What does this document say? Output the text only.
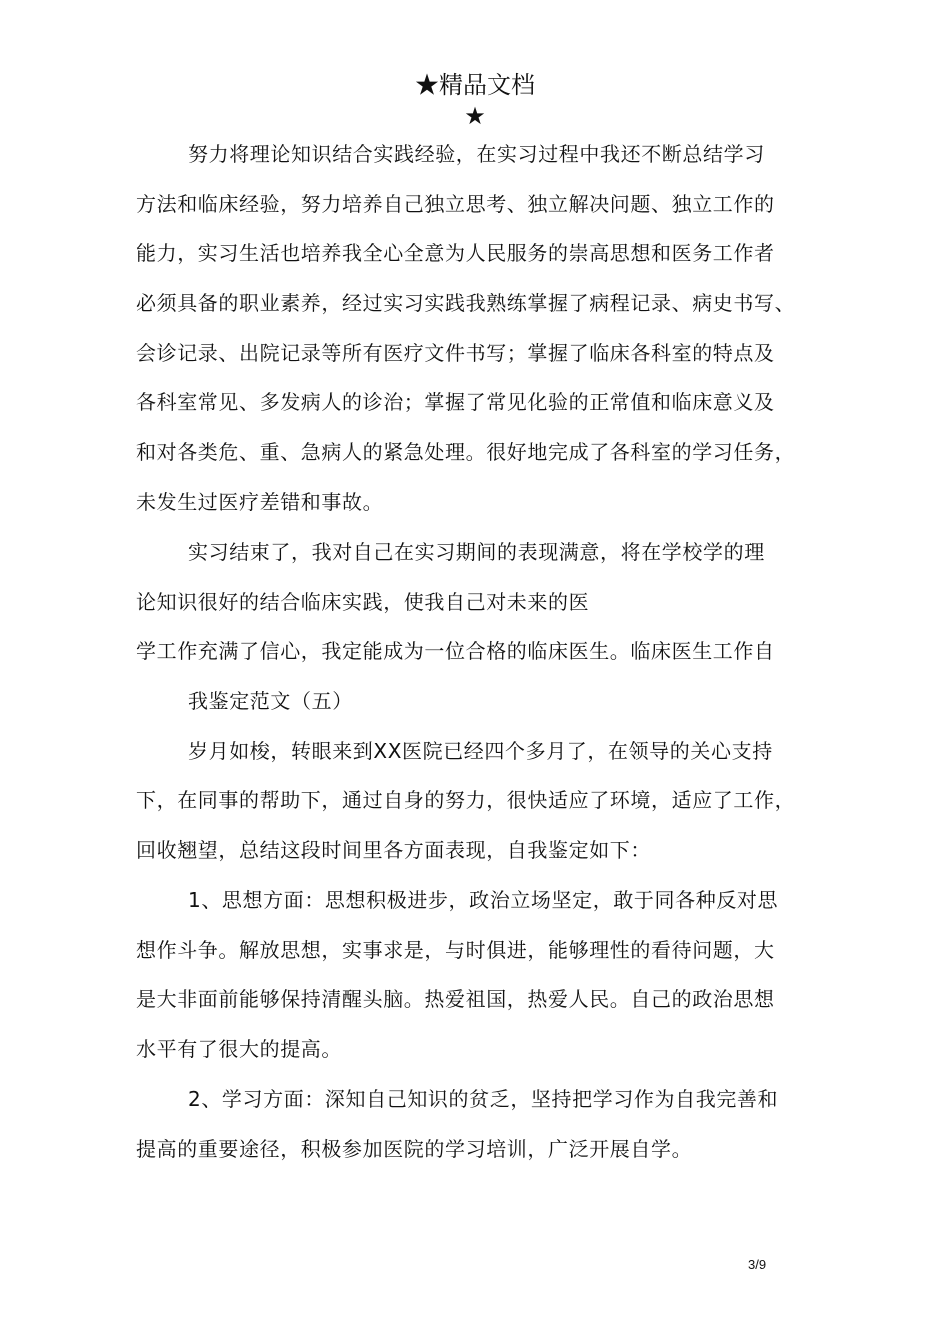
★精品文档
★
努力将理论知识结合实践经验，在实习过程中我还不断总结学习
方法和临床经验，努力培养自己独立思考、独立解决问题、独立工作的
能力，实习生活也培养我全心全意为人民服务的崇高思想和医务工作者
必须具备的职业素养，经过实习实践我熟练掌握了病程记录、病史书写、
会诊记录、出院记录等所有医疗文件书写；掌握了临床各科室的特点及
各科室常见、多发病人的诊治；掌握了常见化验的正常值和临床意义及
和对各类危、重、急病人的紧急处理。很好地完成了各科室的学习任务，
未发生过医疗差错和事故。
实习结束了，我对自己在实习期间的表现满意，将在学校学的理
论知识很好的结合临床实践，使我自己对未来的医
学工作充满了信心，我定能成为一位合格的临床医生。临床医生工作自
我鉴定范文（五）
岁月如梭，转眼来到XX医院已经四个多月了，在领导的关心支持
下，在同事的帮助下，通过自身的努力，很快适应了环境，适应了工作，
回收翘望，总结这段时间里各方面表现，自我鉴定如下：
1、思想方面：思想积极进步，政治立场坚定，敢于同各种反对思
想作斗争。解放思想，实事求是，与时俱进，能够理性的看待问题，大
是大非面前能够保持清醒头脑。热爱祖国，热爱人民。自己的政治思想
水平有了很大的提高。
2、学习方面：深知自己知识的贫乏，坚持把学习作为自我完善和
提高的重要途径，积极参加医院的学习培训，广泛开展自学。
3/9
